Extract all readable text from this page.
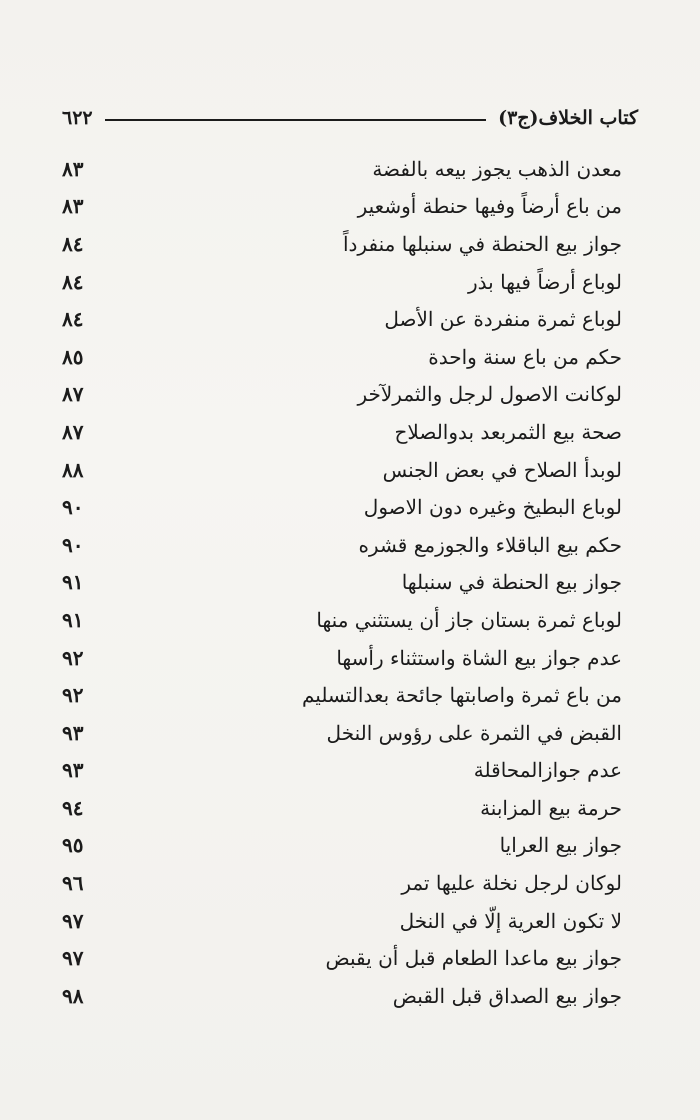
كتاب الخلاف(ج٣)
٦٢٢
معدن الذهب يجوز بيعه بالفضة
٨٣
من باع أرضاً وفيها حنطة أوشعير
٨٣
جواز بيع الحنطة في سنبلها منفرداً
٨٤
لوباع أرضاً فيها بذر
٨٤
لوباع ثمرة منفردة عن الأصل
٨٤
حكم من باع سنة واحدة
٨٥
لوكانت الاصول لرجل والثمرلآخر
٨٧
صحة بيع الثمربعد بدوالصلاح
٨٧
لوبدأ الصلاح في بعض الجنس
٨٨
لوباع البطيخ وغيره دون الاصول
٩٠
حكم بيع الباقلاء والجوزمع قشره
٩٠
جواز بيع الحنطة في سنبلها
٩١
لوباع ثمرة بستان جاز أن يستثني منها
٩١
عدم جواز بيع الشاة واستثناء رأسها
٩٢
من باع ثمرة واصابتها جائحة بعدالتسليم
٩٢
القبض في الثمرة على رؤوس النخل
٩٣
عدم جوازالمحاقلة
٩٣
حرمة بيع المزابنة
٩٤
جواز بيع العرايا
٩٥
لوكان لرجل نخلة عليها تمر
٩٦
لا تكون العرية إلّا في النخل
٩٧
جواز بيع ماعدا الطعام قبل أن يقبض
٩٧
جواز بيع الصداق قبل القبض
٩٨
